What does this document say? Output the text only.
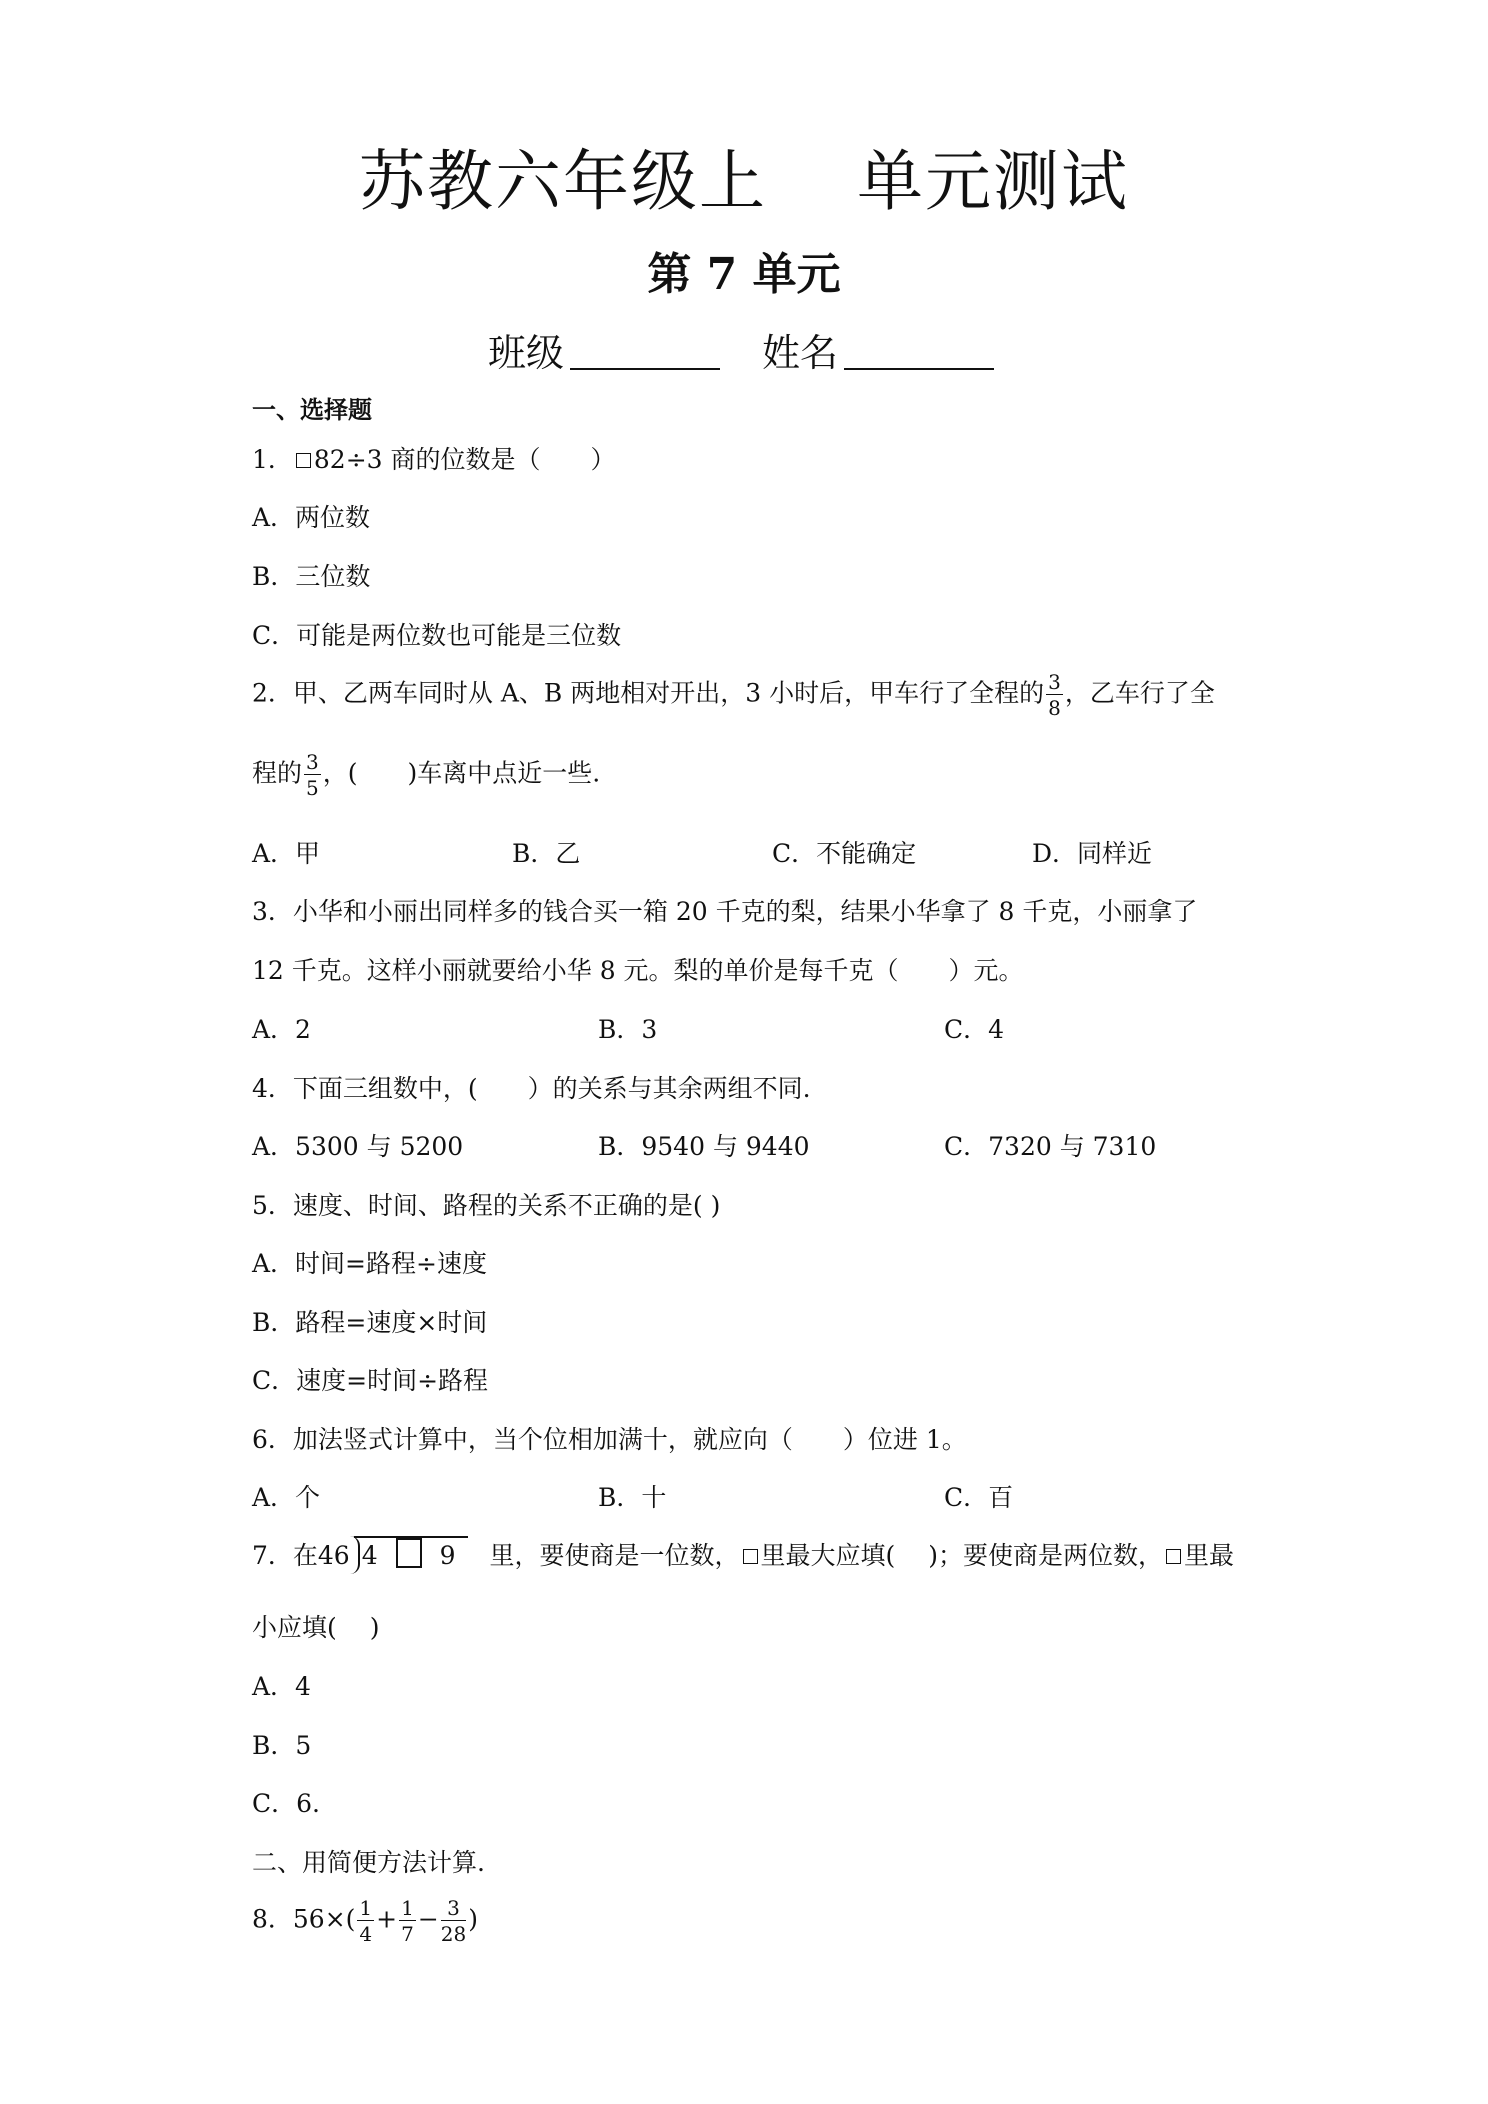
苏教六年级上 单元测试
第 7 单元
班级	姓名
一、选择题
1． 82÷3 商的位数是（　　）
A．两位数
B．三位数
C．可能是两位数也可能是三位数
2．甲、乙两车同时从 A、B 两地相对开出，3 小时后，甲车行了全程的 $\frac{3}{8}$ ，乙车行了全
程的 $\frac{3}{5}$ ，(　　)车离中点近一些.
A．甲	B．乙	C．不能确定	D．同样近
3．小华和小丽出同样多的钱合买一箱 20 千克的梨，结果小华拿了 8 千克，小丽拿了
12 千克。这样小丽就要给小华 8 元。梨的单价是每千克（　　）元。
A．2	B．3	C．4
4．下面三组数中，(　　）的关系与其余两组不同.
A．5300 与 5200	B．9540 与 9440	C．7320 与 7310
5．速度、时间、路程的关系不正确的是( )
A．时间=路程÷速度
B．路程=速度×时间
C．速度=时间÷路程
6．加法竖式计算中，当个位相加满十，就应向（　　）位进 1。
A．个	B．十	C．百
7．在46 4 9 里，要使商是一位数， 里最大应填(　 )；要使商是两位数， 里最
小应填(　 )
A．4
B．5
C．6.
二、用简便方法计算.
8．$56\times( \frac{1}{4} + \frac{1}{7} - \frac{3}{28}$ )
